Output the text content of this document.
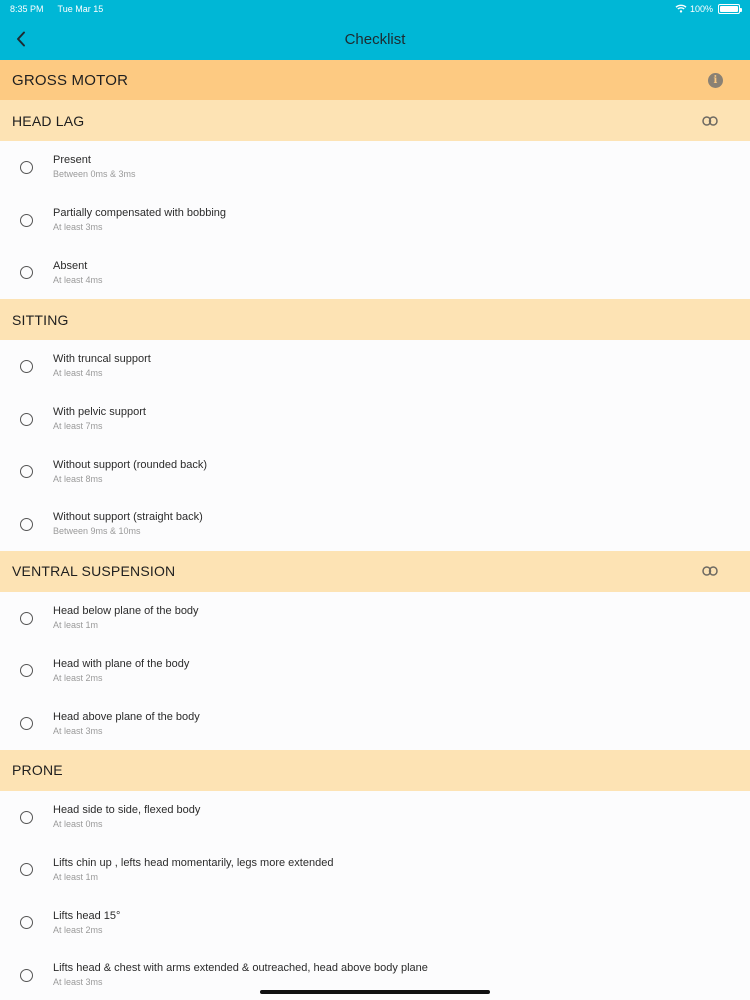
8:35 PM Tue Mar 15	100%
Checklist
GROSS MOTOR	i
HEAD LAG
Present
Between 0ms & 3ms
Partially compensated with bobbing
At least 3ms
Absent
At least 4ms
SITTING
With truncal support
At least 4ms
With pelvic support
At least 7ms
Without support (rounded back)
At least 8ms
Without support (straight back)
Between 9ms & 10ms
VENTRAL SUSPENSION
Head below plane of the body
At least 1m
Head with plane of the body
At least 2ms
Head above plane of the body
At least 3ms
PRONE
Head side to side, flexed body
At least 0ms
Lifts chin up , lefts head momentarily, legs more extended
At least 1m
Lifts head 15°
At least 2ms
Lifts head & chest with arms extended & outreached, head above body plane
At least 3ms
